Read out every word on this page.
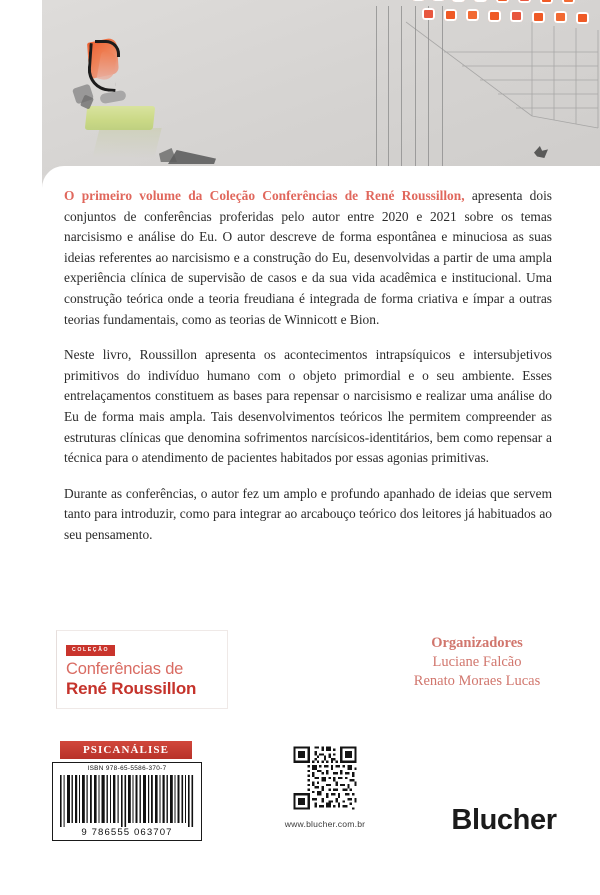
O primeiro volume da Coleção Conferências de René Roussillon, apresenta dois conjuntos de conferências proferidas pelo autor entre 2020 e 2021 sobre os temas narcisismo e análise do Eu. O autor descreve de forma espontânea e minuciosa as suas ideias referentes ao narcisismo e a construção do Eu, desenvolvidas a partir de uma ampla experiência clínica de supervisão de casos e da sua vida acadêmica e institucional. Uma construção teórica onde a teoria freudiana é integrada de forma criativa e ímpar a outras teorias fundamentais, como as teorias de Winnicott e Bion.

Neste livro, Roussillon apresenta os acontecimentos intrapsíquicos e intersubjetivos primitivos do indivíduo humano com o objeto primordial e o seu ambiente. Esses entrelaçamentos constituem as bases para repensar o narcisismo e realizar uma análise do Eu de forma mais ampla. Tais desenvolvimentos teóricos lhe permitem compreender as estruturas clínicas que denomina sofrimentos narcísicos-identitários, bem como repensar a técnica para o atendimento de pacientes habitados por essas agonias primitivas.

Durante as conferências, o autor fez um amplo e profundo apanhado de ideias que servem tanto para introduzir, como para integrar ao arcabouço teórico dos leitores já habituados ao seu pensamento.

COLEÇÃO
Conferências de
René Roussillon
Organizadores
Luciane Falcão
Renato Moraes Lucas
PSICANÁLISE
ISBN 978-65-5586-370-7
9 786555 063707
www.blucher.com.br	Blucher
